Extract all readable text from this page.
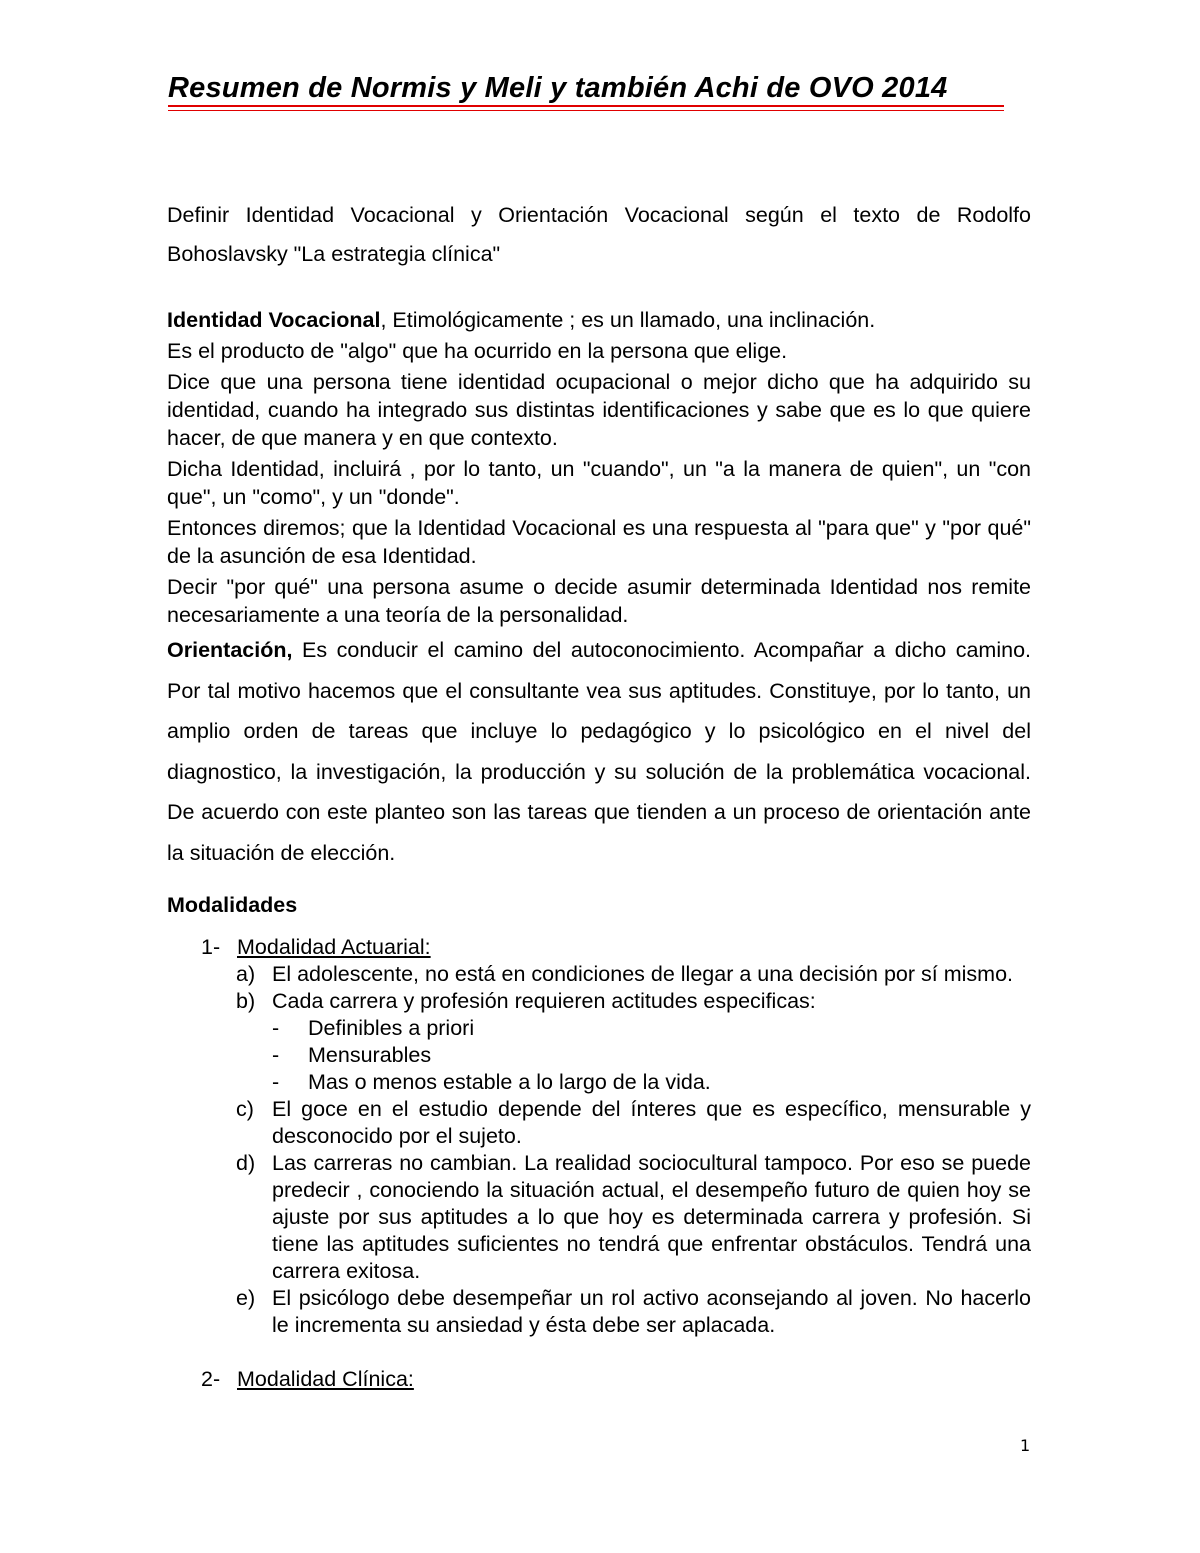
Resumen de Normis y Meli y también Achi de OVO 2014

Definir Identidad Vocacional y Orientación Vocacional según el texto de Rodolfo Bohoslavsky "La estrategia clínica"

Identidad Vocacional, Etimológicamente ; es un llamado, una inclinación.

Es el producto de "algo" que ha ocurrido en la persona que elige.

Dice que una persona tiene identidad ocupacional o mejor dicho que ha adquirido su identidad, cuando ha integrado sus distintas identificaciones y sabe que es lo que quiere hacer, de que manera y en que contexto.

Dicha Identidad, incluirá , por lo tanto, un "cuando", un "a la manera de quien", un "con que", un "como", y un "donde".

Entonces diremos; que la Identidad Vocacional es una respuesta al "para que" y "por qué" de la asunción de esa Identidad.

Decir "por qué" una persona asume o decide asumir determinada Identidad nos remite necesariamente a una teoría de la personalidad.

Orientación, Es conducir el camino del autoconocimiento. Acompañar a dicho camino. Por tal motivo hacemos que el consultante vea sus aptitudes. Constituye, por lo tanto, un amplio orden de tareas que incluye lo pedagógico y lo psicológico en el nivel del diagnostico, la investigación, la producción y su solución de la problemática vocacional. De acuerdo con este planteo son las tareas que tienden a un proceso de orientación ante la situación de elección.

Modalidades
1- Modalidad Actuarial:
a) El adolescente, no está en condiciones de llegar a una decisión por sí mismo.
b) Cada carrera y profesión requieren actitudes especificas:
-	Definibles a priori
-	Mensurables
-	Mas o menos estable a lo largo de la vida.
c) El goce en el estudio depende del ínteres que es específico, mensurable y desconocido por el sujeto.
d) Las carreras no cambian. La realidad sociocultural tampoco. Por eso se puede predecir , conociendo la situación actual, el desempeño futuro de quien hoy se ajuste por sus aptitudes a lo que hoy es determinada carrera y profesión. Si tiene las aptitudes suficientes no tendrá que enfrentar obstáculos. Tendrá una carrera exitosa.
e) El psicólogo debe desempeñar un rol activo aconsejando al joven. No hacerlo le incrementa su ansiedad y ésta debe ser aplacada.
2- Modalidad Clínica:
1
